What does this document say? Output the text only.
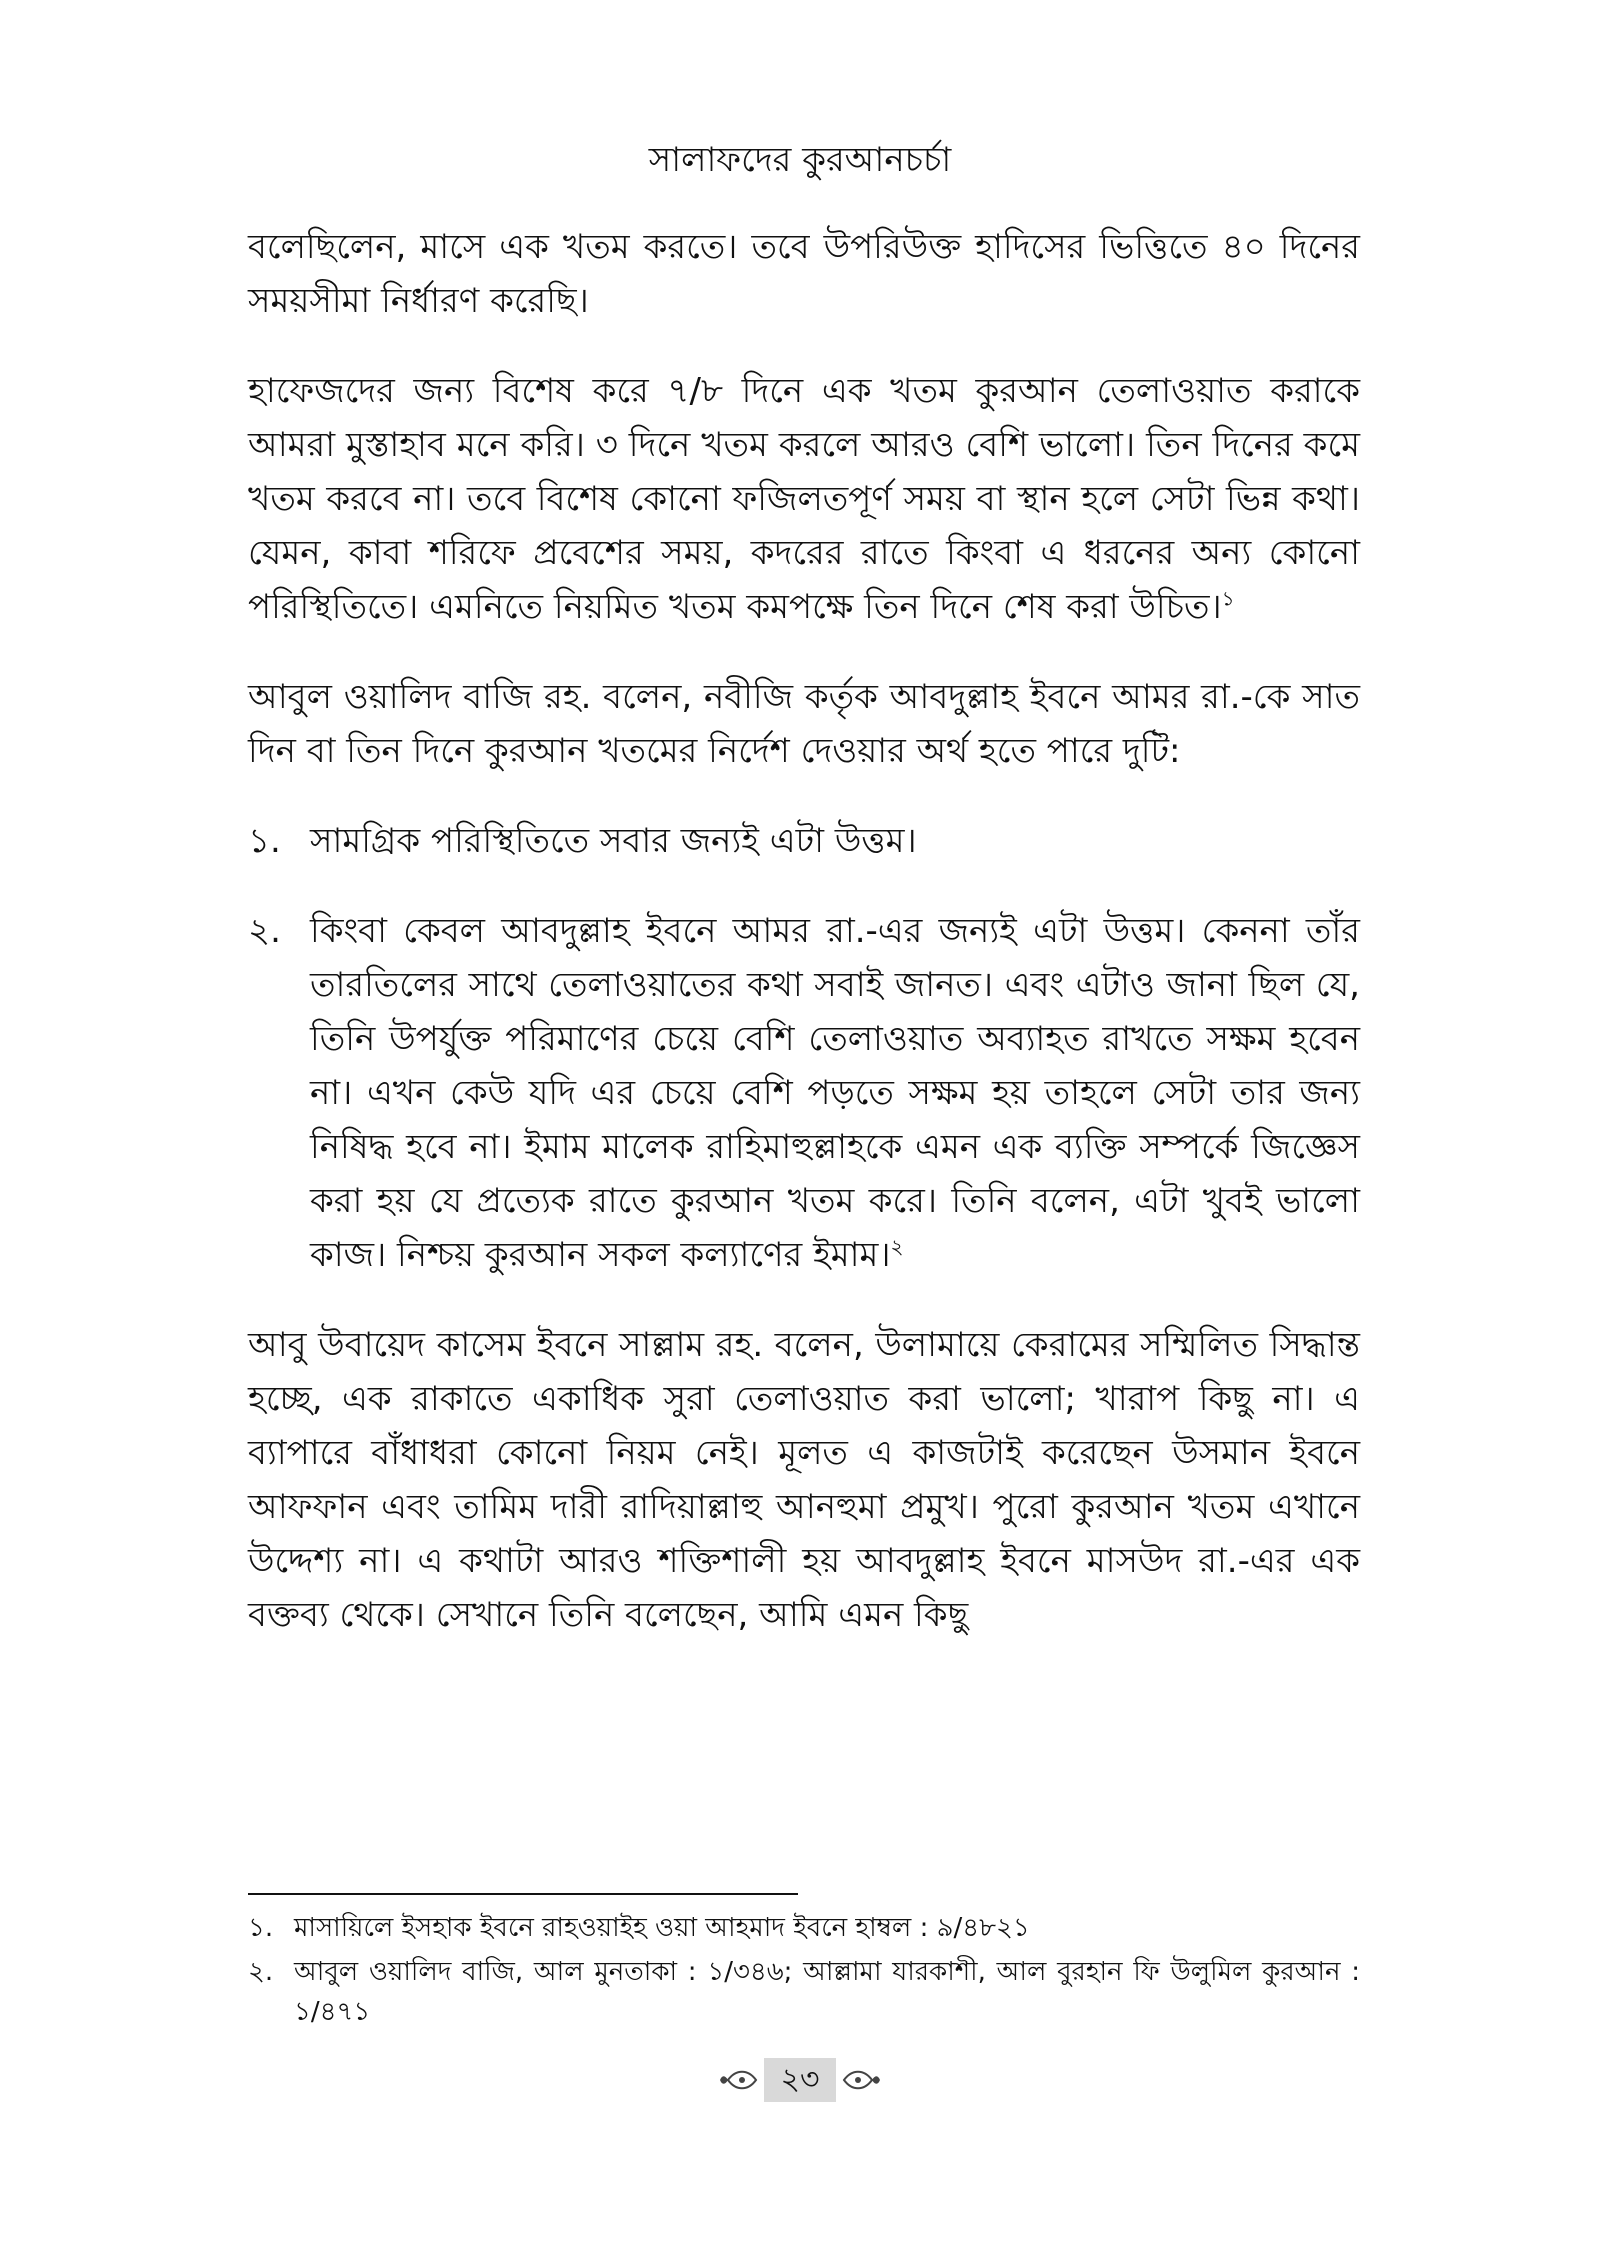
সালাফদের কুরআনচর্চা

বলেছিলেন, মাসে এক খতম করতে। তবে উপরিউক্ত হাদিসের ভিত্তিতে ৪০ দিনের সময়সীমা নির্ধারণ করেছি।

হাফেজদের জন্য বিশেষ করে ৭/৮ দিনে এক খতম কুরআন তেলাওয়াত করাকে আমরা মুস্তাহাব মনে করি। ৩ দিনে খতম করলে আরও বেশি ভালো। তিন দিনের কমে খতম করবে না। তবে বিশেষ কোনো ফজিলতপূর্ণ সময় বা স্থান হলে সেটা ভিন্ন কথা। যেমন, কাবা শরিফে প্রবেশের সময়, কদরের রাতে কিংবা এ ধরনের অন্য কোনো পরিস্থিতিতে। এমনিতে নিয়মিত খতম কমপক্ষে তিন দিনে শেষ করা উচিত।$^১$

আবুল ওয়ালিদ বাজি রহ. বলেন, নবীজি কর্তৃক আবদুল্লাহ ইবনে আমর রা.-কে সাত দিন বা তিন দিনে কুরআন খতমের নির্দেশ দেওয়ার অর্থ হতে পারে দুটি:

১. সামগ্রিক পরিস্থিতিতে সবার জন্যই এটা উত্তম।
২. কিংবা কেবল আবদুল্লাহ ইবনে আমর রা.-এর জন্যই এটা উত্তম। কেননা তাঁর তারতিলের সাথে তেলাওয়াতের কথা সবাই জানত। এবং এটাও জানা ছিল যে, তিনি উপর্যুক্ত পরিমাণের চেয়ে বেশি তেলাওয়াত অব্যাহত রাখতে সক্ষম হবেন না। এখন কেউ যদি এর চেয়ে বেশি পড়তে সক্ষম হয় তাহলে সেটা তার জন্য নিষিদ্ধ হবে না। ইমাম মালেক রাহিমাহুল্লাহকে এমন এক ব্যক্তি সম্পর্কে জিজ্ঞেস করা হয় যে প্রত্যেক রাতে কুরআন খতম করে। তিনি বলেন, এটা খুবই ভালো কাজ। নিশ্চয় কুরআন সকল কল্যাণের ইমাম।$^২$

আবু উবায়েদ কাসেম ইবনে সাল্লাম রহ. বলেন, উলামায়ে কেরামের সম্মিলিত সিদ্ধান্ত হচ্ছে, এক রাকাতে একাধিক সুরা তেলাওয়াত করা ভালো; খারাপ কিছু না। এ ব্যাপারে বাঁধাধরা কোনো নিয়ম নেই। মূলত এ কাজটাই করেছেন উসমান ইবনে আফফান এবং তামিম দারী রাদিয়াল্লাহু আনহুমা প্রমুখ। পুরো কুরআন খতম এখানে উদ্দেশ্য না। এ কথাটা আরও শক্তিশালী হয় আবদুল্লাহ ইবনে মাসউদ রা.-এর এক বক্তব্য থেকে। সেখানে তিনি বলেছেন, আমি এমন কিছু

১. মাসায়িলে ইসহাক ইবনে রাহওয়াইহ ওয়া আহমাদ ইবনে হাম্বল : ৯/৪৮২১
২. আবুল ওয়ালিদ বাজি, আল মুনতাকা : ১/৩৪৬; আল্লামা যারকাশী, আল বুরহান ফি উলুমিল কুরআন : ১/৪৭১
২৩
